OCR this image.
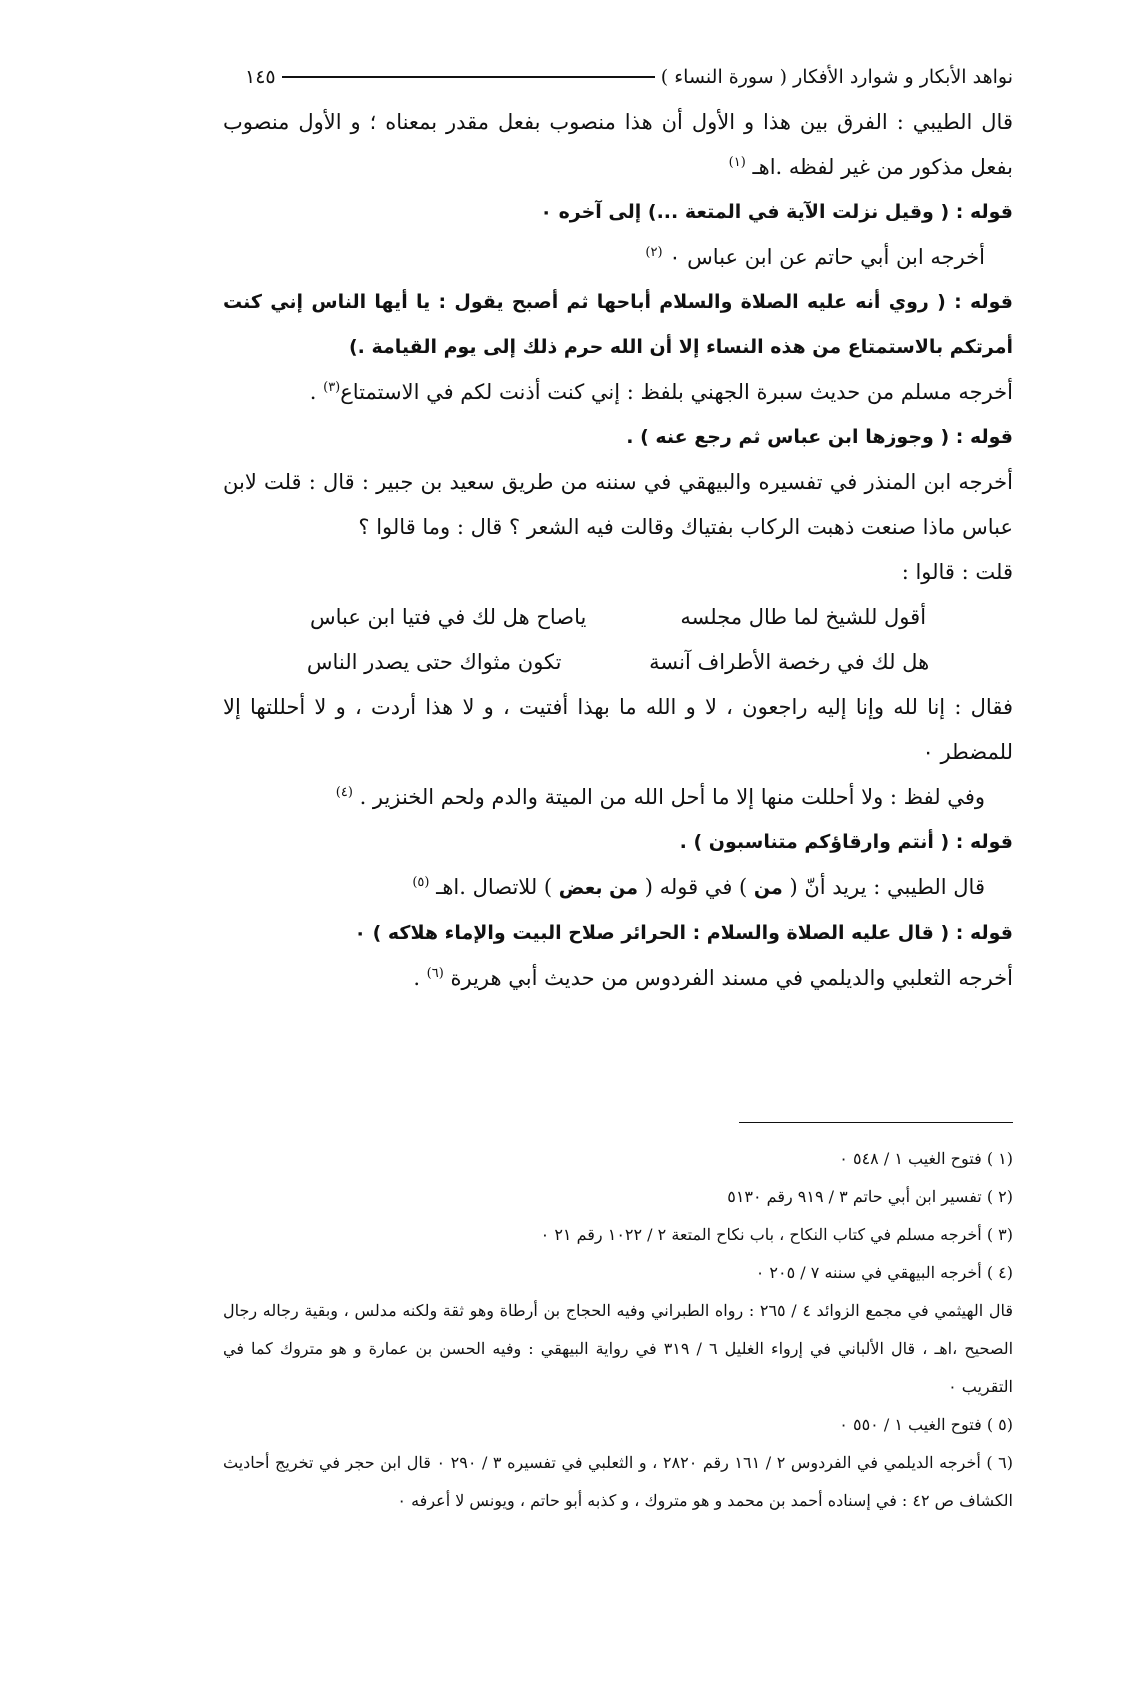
نواهد الأبكار و شوارد الأفكار ( سورة النساء )
١٤٥

قال الطيبي : الفرق بين هذا و الأول أن هذا منصوب بفعل مقدر بمعناه ؛ و الأول منصوب بفعل مذكور من غير لفظه .اهـ $^{(١)}$

قوله : ( وقيل نزلت الآية في المتعة ...) إلى آخره ٠

أخرجه ابن أبي حاتم عن ابن عباس ٠ $^{(٢)}$

قوله : ( روي أنه عليه الصلاة والسلام أباحها ثم أصبح يقول : يا أيها الناس إني كنت أمرتكم بالاستمتاع من هذه النساء إلا أن الله حرم ذلك إلى يوم القيامة .)

أخرجه مسلم من حديث سبرة الجهني بلفظ : إني كنت أذنت لكم في الاستمتاع$^{(٣)}$ .

قوله : ( وجوزها ابن عباس ثم رجع عنه ) .

أخرجه ابن المنذر في تفسيره والبيهقي في سننه من طريق سعيد بن جبير : قال : قلت لابن عباس ماذا صنعت ذهبت الركاب بفتياك وقالت فيه الشعر ؟ قال : وما قالوا ؟

قلت : قالوا :

أقول للشيخ لما طال مجلسه
ياصاح هل لك في فتيا ابن عباس
هل لك في رخصة الأطراف آنسة
تكون مثواك حتى يصدر الناس

فقال : إنا لله وإنا إليه راجعون ، لا و الله ما بهذا أفتيت ، و لا هذا أردت ، و لا أحللتها إلا للمضطر ٠

وفي لفظ : ولا أحللت منها إلا ما أحل الله من الميتة والدم ولحم الخنزير . $^{(٤)}$

قوله : ( أنتم وارقاؤكم متناسبون ) .

قال الطيبي : يريد أنّ ( من ) في قوله ( من بعض ) للاتصال .اهـ $^{(٥)}$

قوله : ( قال عليه الصلاة والسلام : الحرائر صلاح البيت والإماء هلاكه ) ٠

أخرجه الثعلبي والديلمي في مسند الفردوس من حديث أبي هريرة $^{(٦)}$ .

(١ ) فتوح الغيب ١ / ٥٤٨ ٠

(٢ ) تفسير ابن أبي حاتم ٣ / ٩١٩ رقم ٥١٣٠

(٣ ) أخرجه مسلم في كتاب النكاح ، باب نكاح المتعة ٢ / ١٠٢٢ رقم ٢١ ٠

(٤ ) أخرجه البيهقي في سننه ٧ / ٢٠٥ ٠

قال الهيثمي في مجمع الزوائد ٤ / ٢٦٥ : رواه الطبراني وفيه الحجاج بن أرطاة وهو ثقة ولكنه مدلس ، وبقية رجاله رجال الصحيح ،اهـ ، قال الألباني في إرواء الغليل ٦ / ٣١٩ في رواية البيهقي : وفيه الحسن بن عمارة و هو متروك كما في التقريب ٠

(٥ ) فتوح الغيب ١ / ٥٥٠ ٠

(٦ ) أخرجه الديلمي في الفردوس ٢ / ١٦١ رقم ٢٨٢٠ ، و الثعلبي في تفسيره ٣ / ٢٩٠ ٠ قال ابن حجر في تخريج أحاديث الكشاف ص ٤٢ : في إسناده أحمد بن محمد و هو متروك ، و كذبه أبو حاتم ، ويونس لا أعرفه ٠
